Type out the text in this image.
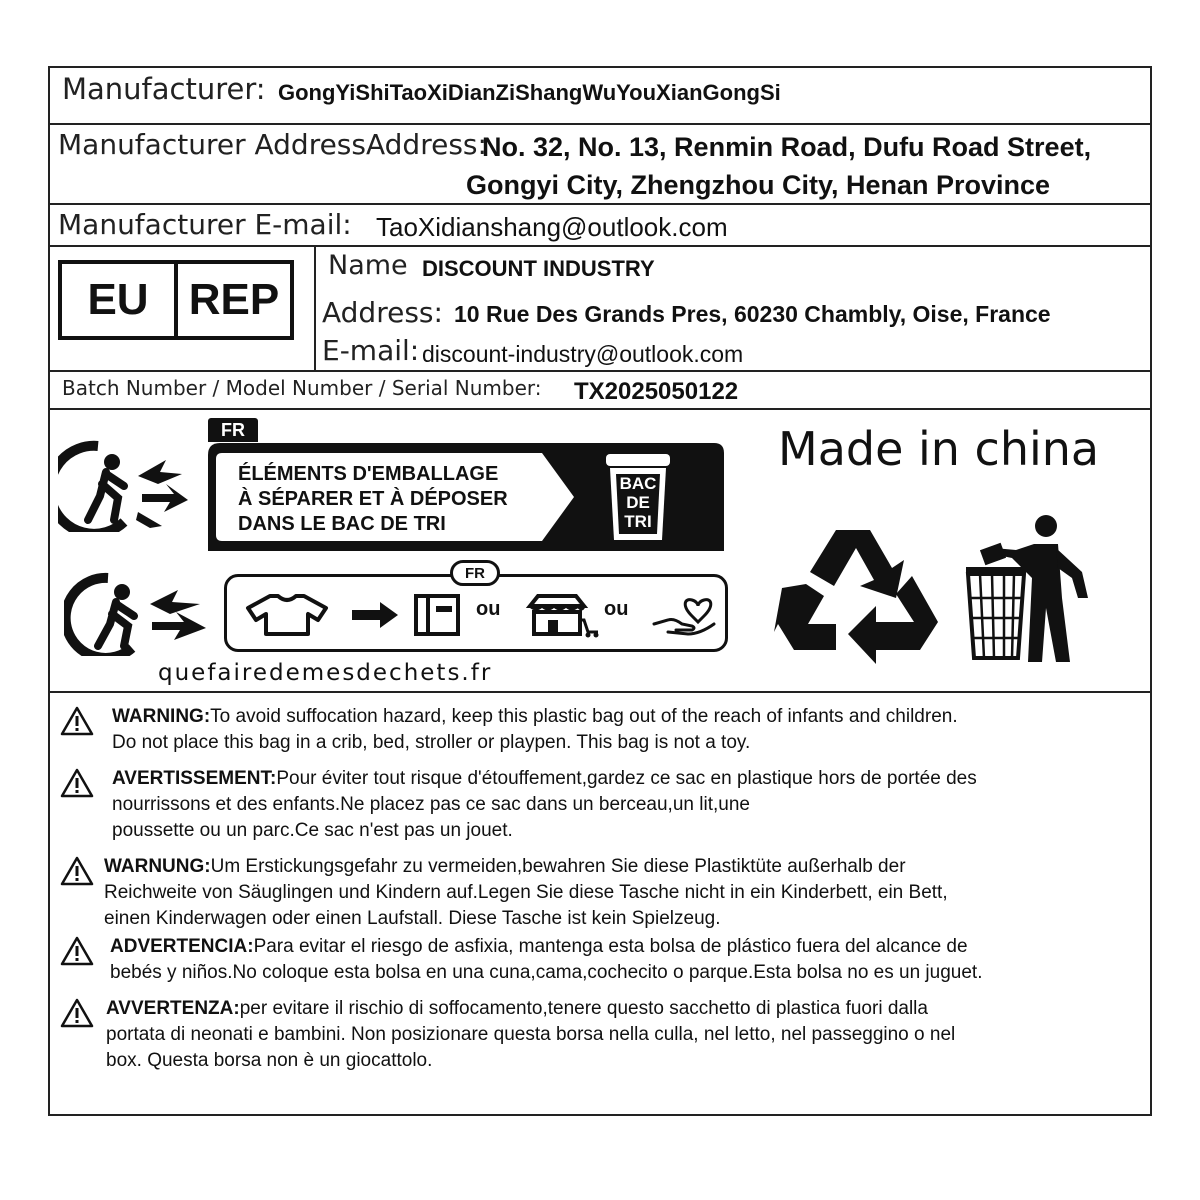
Manufacturer: GongYiShiTaoXiDianZiShangWuYouXianGongSi
Manufacturer AddressAddress:
No. 32, No. 13, Renmin Road, Dufu Road Street,
Gongyi City, Zhengzhou City, Henan Province
Manufacturer E-mail: TaoXidianshang@outlook.com
EU REP
Name DISCOUNT INDUSTRY
Address: 10 Rue Des Grands Pres, 60230 Chambly, Oise, France
E-mail: discount-industry@outlook.com
Batch Number / Model Number / Serial Number: TX2025050122
FR
ÉLÉMENTS D'EMBALLAGE
À SÉPARER ET À DÉPOSER
DANS LE BAC DE TRI
BAC
DE
TRI
FR
ou	ou
quefairedemesdechets.fr
Made in china
WARNING:To avoid suffocation hazard, keep this plastic bag out of the reach of infants and children.
Do not place this bag in a crib, bed, stroller or playpen. This bag is not a toy.
AVERTISSEMENT:Pour éviter tout risque d'étouffement,gardez ce sac en plastique hors de portée des
nourrissons et des enfants.Ne placez pas ce sac dans un berceau,un lit,une
poussette ou un parc.Ce sac n'est pas un jouet.
WARNUNG:Um Erstickungsgefahr zu vermeiden,bewahren Sie diese Plastiktüte außerhalb der
Reichweite von Säuglingen und Kindern auf.Legen Sie diese Tasche nicht in ein Kinderbett, ein Bett,
einen Kinderwagen oder einen Laufstall. Diese Tasche ist kein Spielzeug.
ADVERTENCIA:Para evitar el riesgo de asfixia, mantenga esta bolsa de plástico fuera del alcance de
bebés y niños.No coloque esta bolsa en una cuna,cama,cochecito o parque.Esta bolsa no es un juguet.
AVVERTENZA:per evitare il rischio di soffocamento,tenere questo sacchetto di plastica fuori dalla
portata di neonati e bambini. Non posizionare questa borsa nella culla, nel letto, nel passeggino o nel
box. Questa borsa non è un giocattolo.
